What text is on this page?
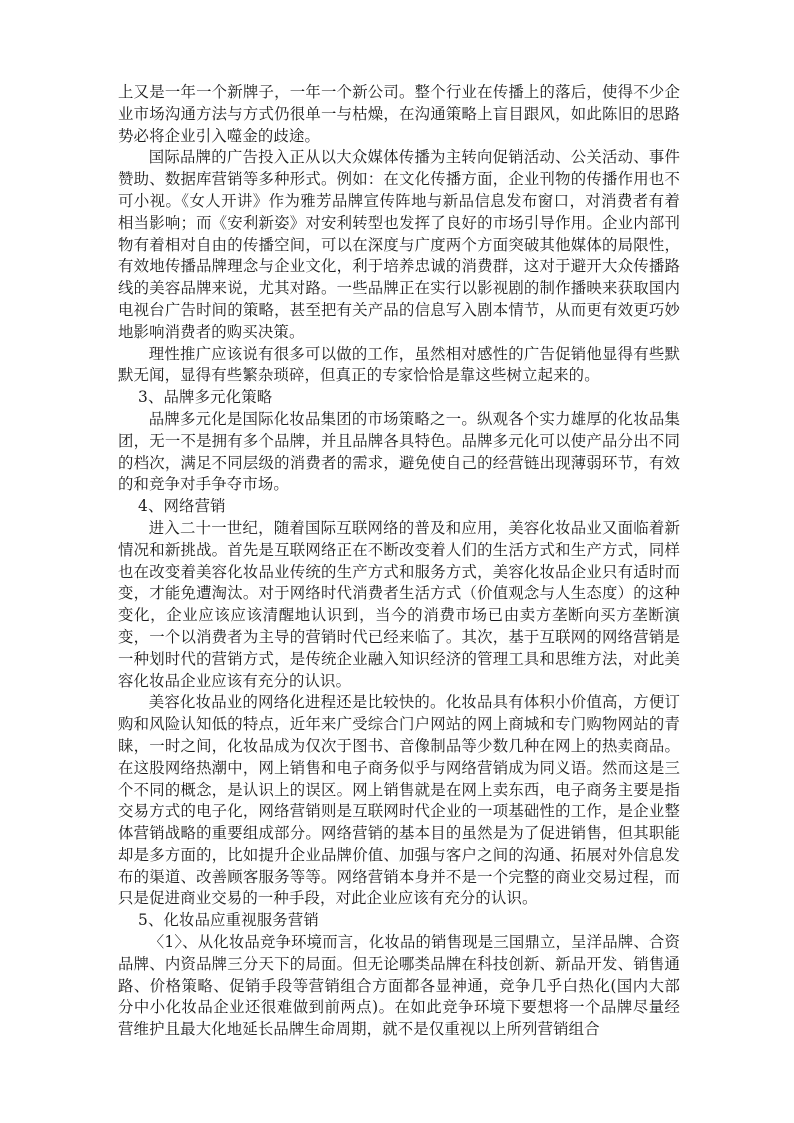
上又是一年一个新牌子，一年一个新公司。整个行业在传播上的落后，使得不少企业市场沟通方法与方式仍很单一与枯燥，在沟通策略上盲目跟风，如此陈旧的思路势必将企业引入噬金的歧途。

国际品牌的广告投入正从以大众媒体传播为主转向促销活动、公关活动、事件赞助、数据库营销等多种形式。例如：在文化传播方面，企业刊物的传播作用也不可小视。《女人开讲》作为雅芳品牌宣传阵地与新品信息发布窗口，对消费者有着相当影响；而《安利新姿》对安利转型也发挥了良好的市场引导作用。企业内部刊物有着相对自由的传播空间，可以在深度与广度两个方面突破其他媒体的局限性，有效地传播品牌理念与企业文化，利于培养忠诚的消费群，这对于避开大众传播路线的美容品牌来说，尤其对路。一些品牌正在实行以影视剧的制作播映来获取国内电视台广告时间的策略，甚至把有关产品的信息写入剧本情节，从而更有效更巧妙地影响消费者的购买决策。

理性推广应该说有很多可以做的工作，虽然相对感性的广告促销他显得有些默默无闻，显得有些繁杂琐碎，但真正的专家恰恰是靠这些树立起来的。

3、品牌多元化策略

品牌多元化是国际化妆品集团的市场策略之一。纵观各个实力雄厚的化妆品集团，无一不是拥有多个品牌，并且品牌各具特色。品牌多元化可以使产品分出不同的档次，满足不同层级的消费者的需求，避免使自己的经营链出现薄弱环节，有效的和竞争对手争夺市场。

4、网络营销

进入二十一世纪，随着国际互联网络的普及和应用，美容化妆品业又面临着新情况和新挑战。首先是互联网络正在不断改变着人们的生活方式和生产方式，同样也在改变着美容化妆品业传统的生产方式和服务方式，美容化妆品企业只有适时而变，才能免遭淘汰。对于网络时代消费者生活方式（价值观念与人生态度）的这种变化，企业应该应该清醒地认识到，当今的消费市场已由卖方垄断向买方垄断演变，一个以消费者为主导的营销时代已经来临了。其次，基于互联网的网络营销是一种划时代的营销方式，是传统企业融入知识经济的管理工具和思维方法，对此美容化妆品企业应该有充分的认识。

美容化妆品业的网络化进程还是比较快的。化妆品具有体积小价值高，方便订购和风险认知低的特点，近年来广受综合门户网站的网上商城和专门购物网站的青睐，一时之间，化妆品成为仅次于图书、音像制品等少数几种在网上的热卖商品。在这股网络热潮中，网上销售和电子商务似乎与网络营销成为同义语。然而这是三个不同的概念，是认识上的误区。网上销售就是在网上卖东西，电子商务主要是指交易方式的电子化，网络营销则是互联网时代企业的一项基础性的工作，是企业整体营销战略的重要组成部分。网络营销的基本目的虽然是为了促进销售，但其职能却是多方面的，比如提升企业品牌价值、加强与客户之间的沟通、拓展对外信息发布的渠道、改善顾客服务等等。网络营销本身并不是一个完整的商业交易过程，而只是促进商业交易的一种手段，对此企业应该有充分的认识。

5、化妆品应重视服务营销

〈1〉、从化妆品竞争环境而言，化妆品的销售现是三国鼎立，呈洋品牌、合资品牌、内资品牌三分天下的局面。但无论哪类品牌在科技创新、新品开发、销售通路、价格策略、促销手段等营销组合方面都各显神通，竞争几乎白热化(国内大部分中小化妆品企业还很难做到前两点)。在如此竞争环境下要想将一个品牌尽量经营维护且最大化地延长品牌生命周期，就不是仅重视以上所列营销组合
